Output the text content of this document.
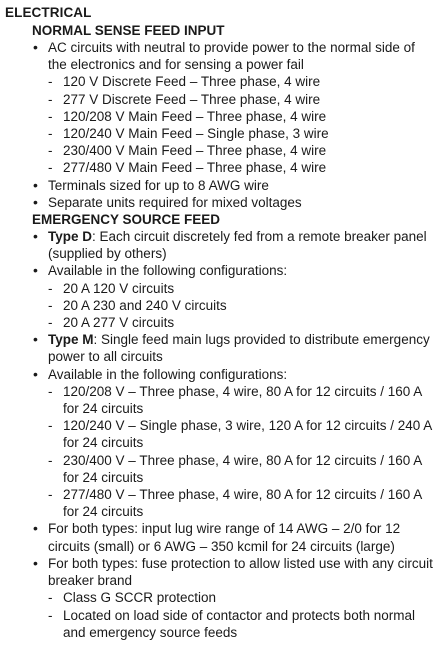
ELECTRICAL
NORMAL SENSE FEED INPUT
• AC circuits with neutral to provide power to the normal side of the electronics and for sensing a power fail
- 120 V Discrete Feed – Three phase, 4 wire
- 277 V Discrete Feed – Three phase, 4 wire
- 120/208 V Main Feed – Three phase, 4 wire
- 120/240 V Main Feed – Single phase, 3 wire
- 230/400 V Main Feed – Three phase, 4 wire
- 277/480 V Main Feed – Three phase, 4 wire
• Terminals sized for up to 8 AWG wire
• Separate units required for mixed voltages
EMERGENCY SOURCE FEED
• Type D: Each circuit discretely fed from a remote breaker panel (supplied by others)
• Available in the following configurations:
- 20 A 120 V circuits
- 20 A 230 and 240 V circuits
- 20 A 277 V circuits
• Type M: Single feed main lugs provided to distribute emergency power to all circuits
• Available in the following configurations:
- 120/208 V – Three phase, 4 wire, 80 A for 12 circuits / 160 A for 24 circuits
- 120/240 V – Single phase, 3 wire, 120 A for 12 circuits / 240 A for 24 circuits
- 230/400 V – Three phase, 4 wire, 80 A for 12 circuits / 160 A for 24 circuits
- 277/480 V – Three phase, 4 wire, 80 A for 12 circuits / 160 A for 24 circuits
• For both types: input lug wire range of 14 AWG – 2/0 for 12 circuits (small) or 6 AWG – 350 kcmil for 24 circuits (large)
• For both types: fuse protection to allow listed use with any circuit breaker brand
- Class G SCCR protection
- Located on load side of contactor and protects both normal and emergency source feeds
